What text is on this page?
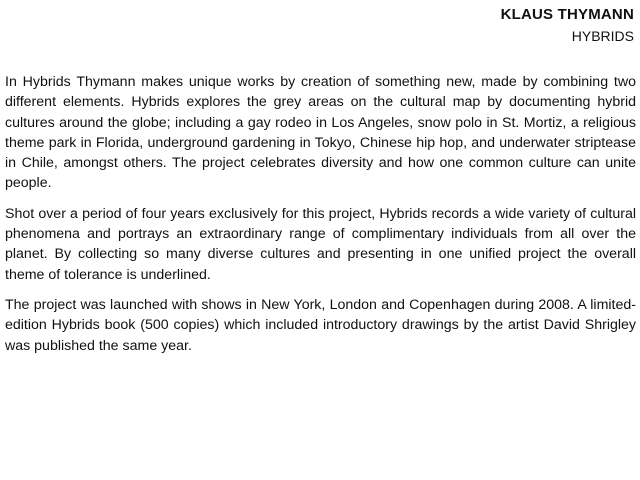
KLAUS THYMANN
HYBRIDS

In Hybrids Thymann makes unique works by creation of something new, made by combining two different elements. Hybrids explores the grey areas on the cultural map by documenting hybrid cultures around the globe; including a gay rodeo in Los Angeles, snow polo in St. Mortiz, a religious theme park in Florida, underground gardening in Tokyo, Chinese hip hop, and underwater striptease in Chile, amongst others. The project celebrates diversity and how one common culture can unite people.

Shot over a period of four years exclusively for this project, Hybrids records a wide variety of cultural phenomena and portrays an extraordinary range of complimentary individuals from all over the planet. By collecting so many diverse cultures and presenting in one unified project the overall theme of tolerance is underlined.

The project was launched with shows in New York, London and Copenhagen during 2008. A limited-edition Hybrids book (500 copies) which included introductory drawings by the artist David Shrigley was published the same year.
